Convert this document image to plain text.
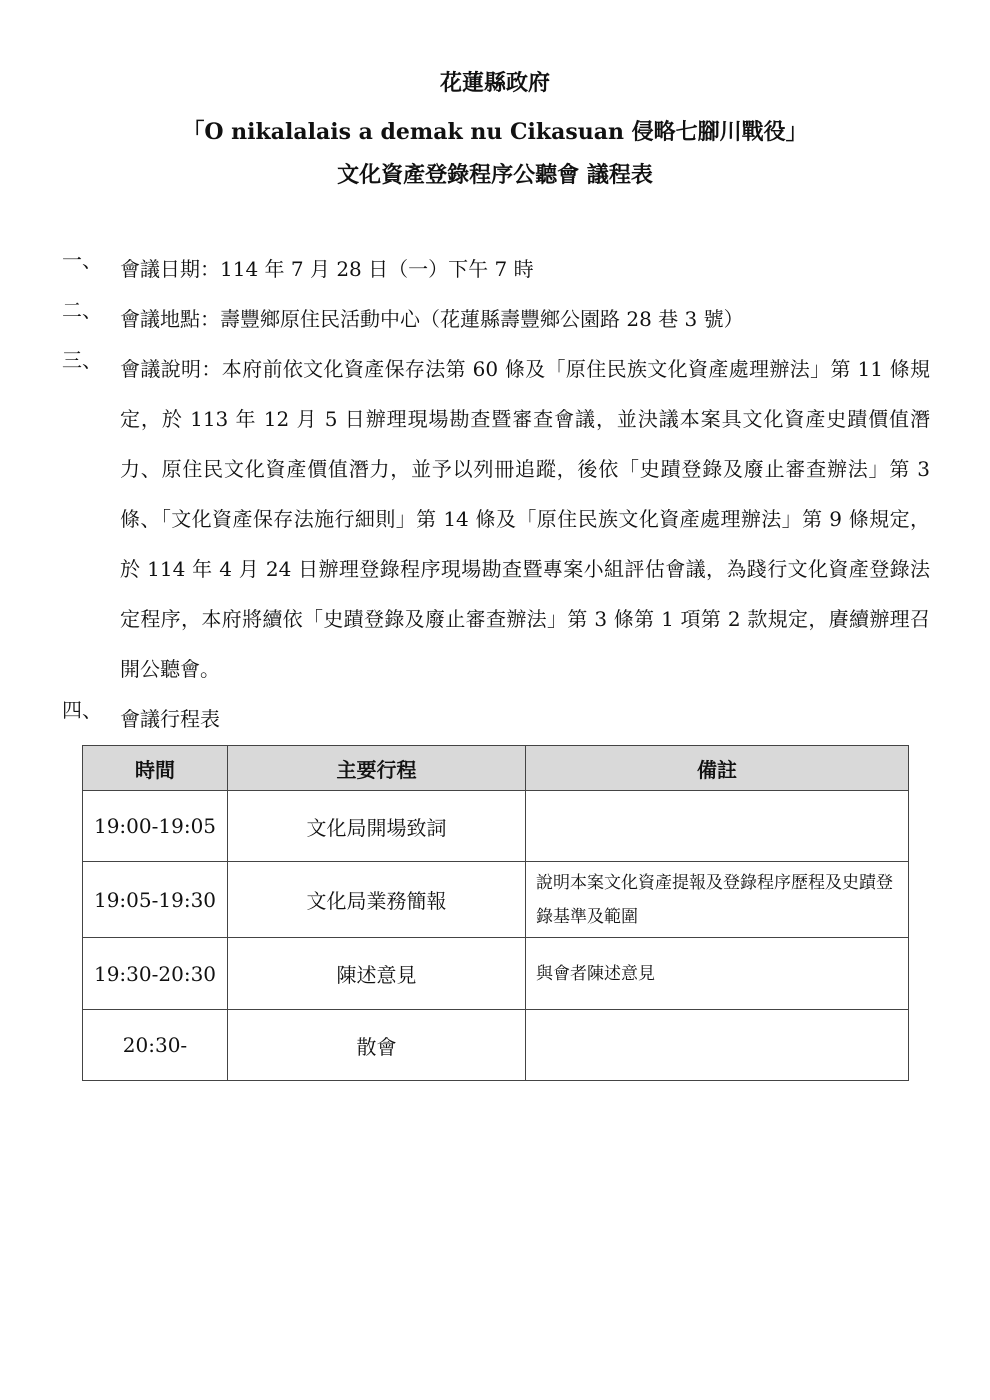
花蓮縣政府
「O nikalalais a demak nu Cikasuan 侵略七腳川戰役」
文化資產登錄程序公聽會 議程表
一、 會議日期：114 年 7 月 28 日（一）下午 7 時
二、 會議地點：壽豐鄉原住民活動中心（花蓮縣壽豐鄉公園路 28 巷 3 號）
三、 會議說明：本府前依文化資產保存法第 60 條及「原住民族文化資產處理辦法」第 11 條規定，於 113 年 12 月 5 日辦理現場勘查暨審查會議，並決議本案具文化資產史蹟價值潛力、原住民文化資產價值潛力，並予以列冊追蹤，後依「史蹟登錄及廢止審查辦法」第 3 條、「文化資產保存法施行細則」第 14 條及「原住民族文化資產處理辦法」第 9 條規定，於 114 年 4 月 24 日辦理登錄程序現場勘查暨專案小組評估會議，為踐行文化資產登錄法定程序，本府將續依「史蹟登錄及廢止審查辦法」第 3 條第 1 項第 2 款規定，賡續辦理召開公聽會。
四、 會議行程表
時間	主要行程	備註
19:00-19:05	文化局開場致詞	
19:05-19:30	文化局業務簡報	說明本案文化資產提報及登錄程序歷程及史蹟登錄基準及範圍
19:30-20:30	陳述意見	與會者陳述意見
20:30-	散會	
